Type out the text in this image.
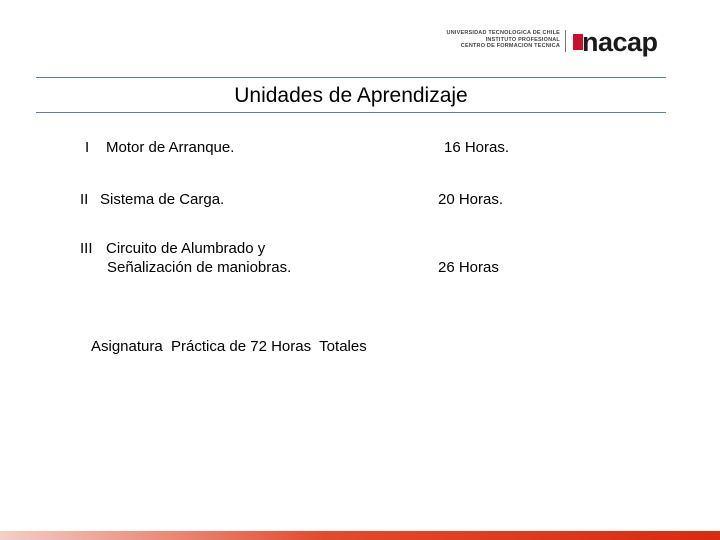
UNIVERSIDAD TECNOLOGICA DE CHILE
INSTITUTO PROFESIONAL
CENTRO DE FORMACION TECNICA nacap
Unidades de Aprendizaje
I Motor de Arranque.	16 Horas.
II Sistema de Carga.	20 Horas.
III Circuito de Alumbrado y
Señalización de maniobras.	26 Horas
Asignatura  Práctica de 72 Horas  Totales
